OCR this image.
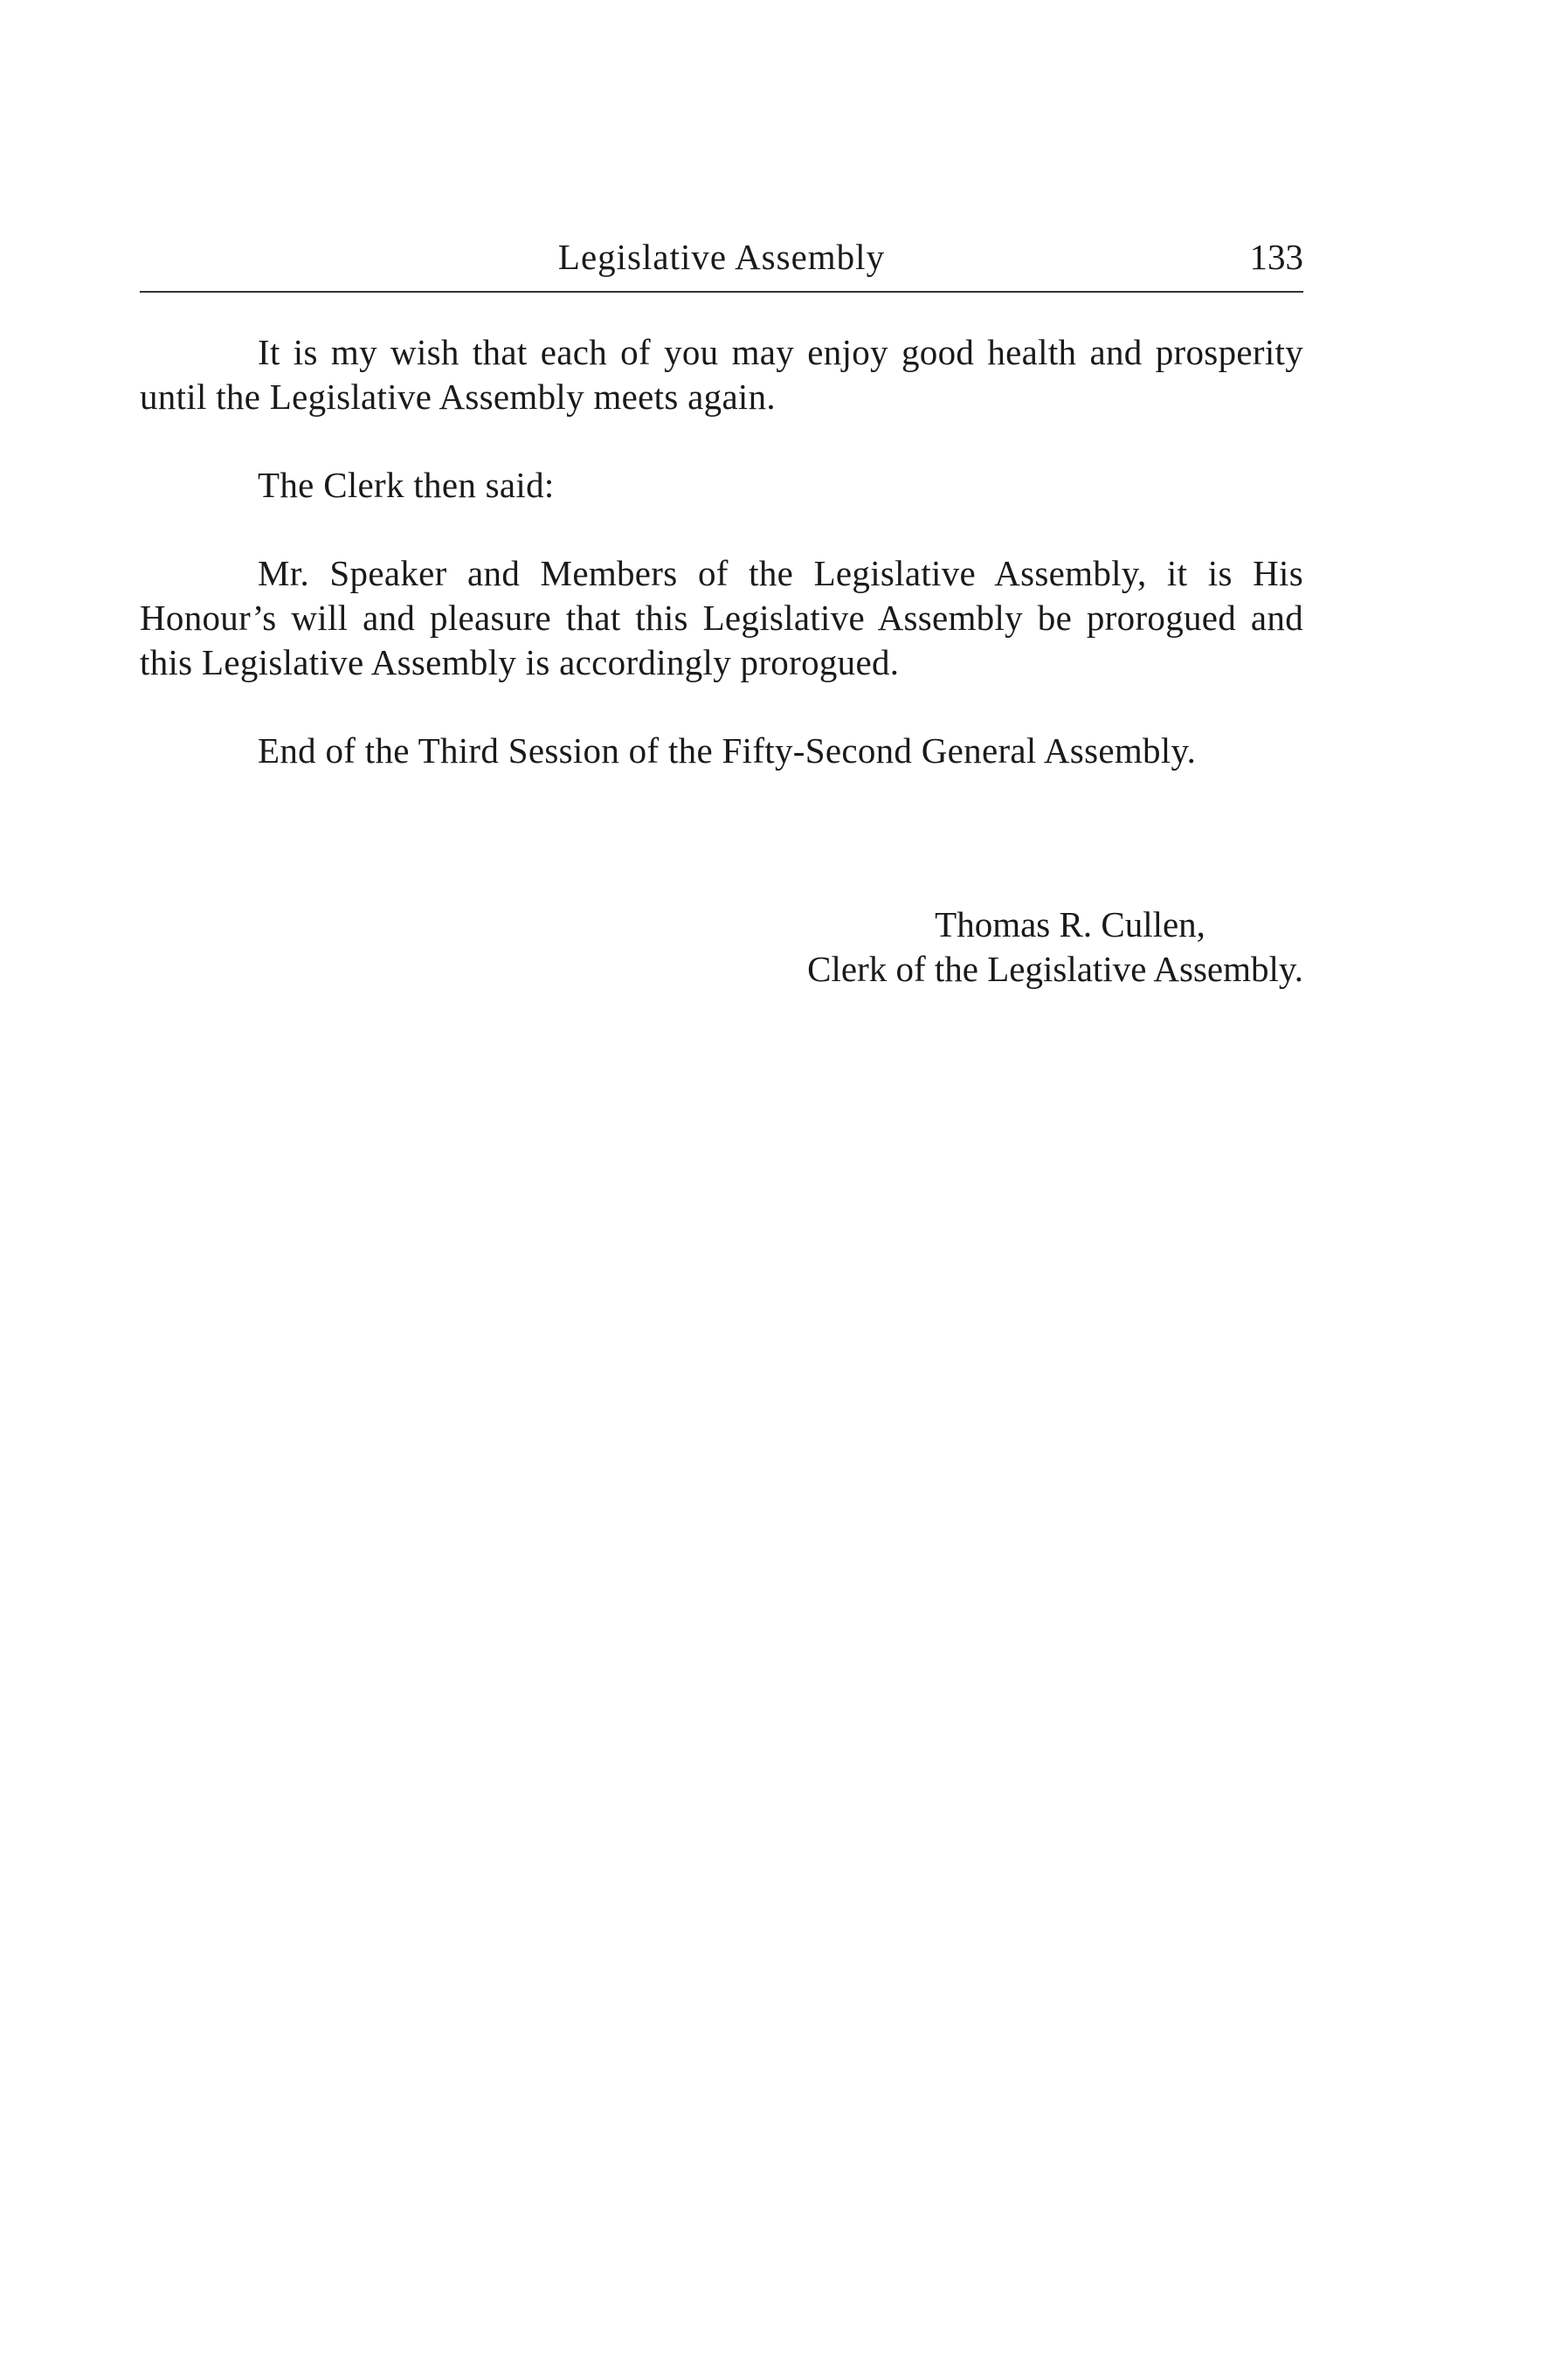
Legislative Assembly	133

It is my wish that each of you may enjoy good health and prosperity until the Legislative Assembly meets again.

The Clerk then said:

Mr. Speaker and Members of the Legislative Assembly, it is His Honour’s will and pleasure that this Legislative Assembly be prorogued and this Legislative Assembly is accordingly prorogued.

End of the Third Session of the Fifty-Second General Assembly.

Thomas R. Cullen,
Clerk of the Legislative Assembly.
